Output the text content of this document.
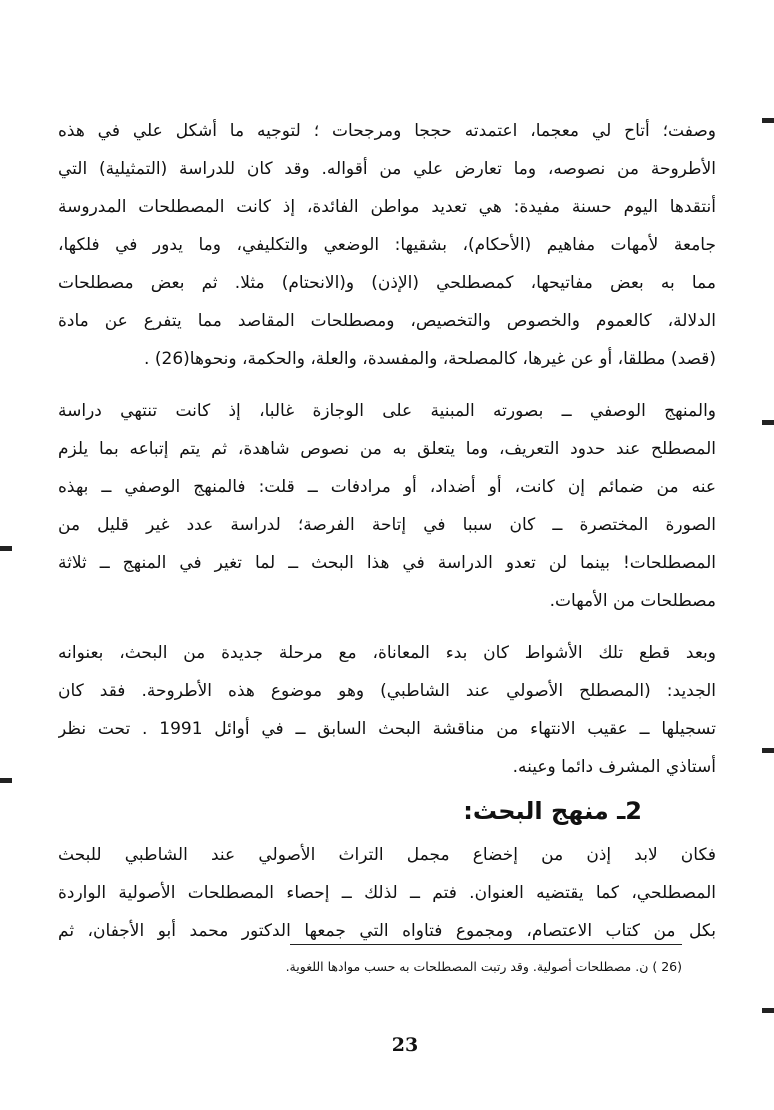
وصفت؛ أتاح لي معجما، اعتمدته حججا ومرجحات ؛ لتوجيه ما أشكل علي في هذه
الأطروحة من نصوصه، وما تعارض علي من أقواله. وقد كان للدراسة (التمثيلية) التي
أنتقدها اليوم حسنة مفيدة: هي تعديد مواطن الفائدة، إذ كانت المصطلحات المدروسة
جامعة لأمهات مفاهيم (الأحكام)، بشقيها: الوضعي والتكليفي، وما يدور في فلكها،
مما به بعض مفاتيحها، كمصطلحي (الإذن) و(الانحتام) مثلا. ثم بعض مصطلحات
الدلالة، كالعموم والخصوص والتخصيص، ومصطلحات المقاصد مما يتفرع عن مادة
(قصد) مطلقا، أو عن غيرها، كالمصلحة، والمفسدة، والعلة، والحكمة، ونحوها(26) .
والمنهج الوصفي ــ بصورته المبنية على الوجازة غالبا، إذ كانت تنتهي دراسة
المصطلح عند حدود التعريف، وما يتعلق به من نصوص شاهدة، ثم يتم إتباعه بما يلزم
عنه من ضمائم إن كانت، أو أضداد، أو مرادفات ــ قلت: فالمنهج الوصفي ــ بهذه
الصورة المختصرة ــ كان سببا في إتاحة الفرصة؛ لدراسة عدد غير قليل من
المصطلحات! بينما لن تعدو الدراسة في هذا البحث ــ لما تغير في المنهج ــ ثلاثة
مصطلحات من الأمهات.
وبعد قطع تلك الأشواط كان بدء المعاناة، مع مرحلة جديدة من البحث، بعنوانه
الجديد: (المصطلح الأصولي عند الشاطبي) وهو موضوع هذه الأطروحة. فقد كان
تسجيلها ــ عقيب الانتهاء من مناقشة البحث السابق ــ في أوائل 1991 . تحت نظر
أستاذي المشرف دائما وعينه.
2ـ منهج البحث:
فكان لابد إذن من إخضاع مجمل التراث الأصولي عند الشاطبي للبحث
المصطلحي، كما يقتضيه العنوان. فتم ــ لذلك ــ إحصاء المصطلحات الأصولية الواردة
بكل من كتاب الاعتصام، ومجموع فتاواه التي جمعها الدكتور محمد أبو الأجفان، ثم
(26 ) ن. مصطلحات أصولية. وقد رتبت المصطلحات به حسب موادها اللغوية.
23
